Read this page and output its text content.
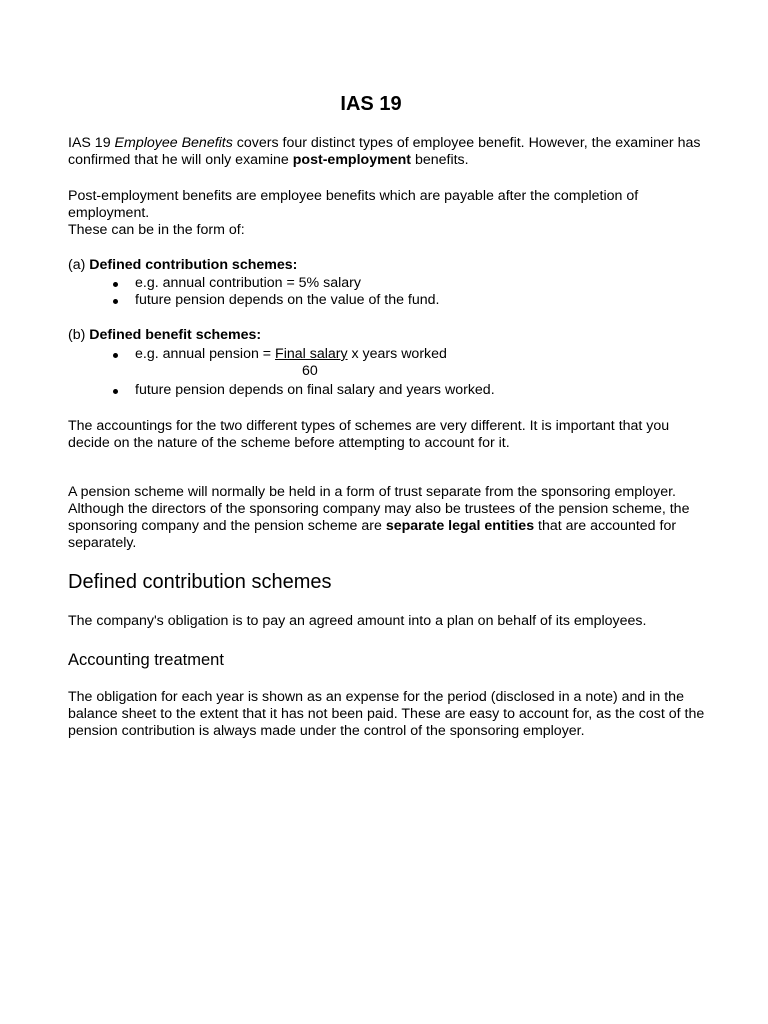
IAS 19

IAS 19 Employee Benefits covers four distinct types of employee benefit. However, the examiner has confirmed that he will only examine post-employment benefits.

Post-employment benefits are employee benefits which are payable after the completion of employment.

These can be in the form of:

(a) Defined contribution schemes:

e.g. annual contribution = 5% salary
future pension depends on the value of the fund.

(b) Defined benefit schemes:

e.g. annual pension = Final salary x years worked
60
future pension depends on final salary and years worked.

The accountings for the two different types of schemes are very different. It is important that you decide on the nature of the scheme before attempting to account for it.

A pension scheme will normally be held in a form of trust separate from the sponsoring employer. Although the directors of the sponsoring company may also be trustees of the pension scheme, the sponsoring company and the pension scheme are separate legal entities that are accounted for separately.

Defined contribution schemes

The company's obligation is to pay an agreed amount into a plan on behalf of its employees.

Accounting treatment

The obligation for each year is shown as an expense for the period (disclosed in a note) and in the balance sheet to the extent that it has not been paid. These are easy to account for, as the cost of the pension contribution is always made under the control of the sponsoring employer.
